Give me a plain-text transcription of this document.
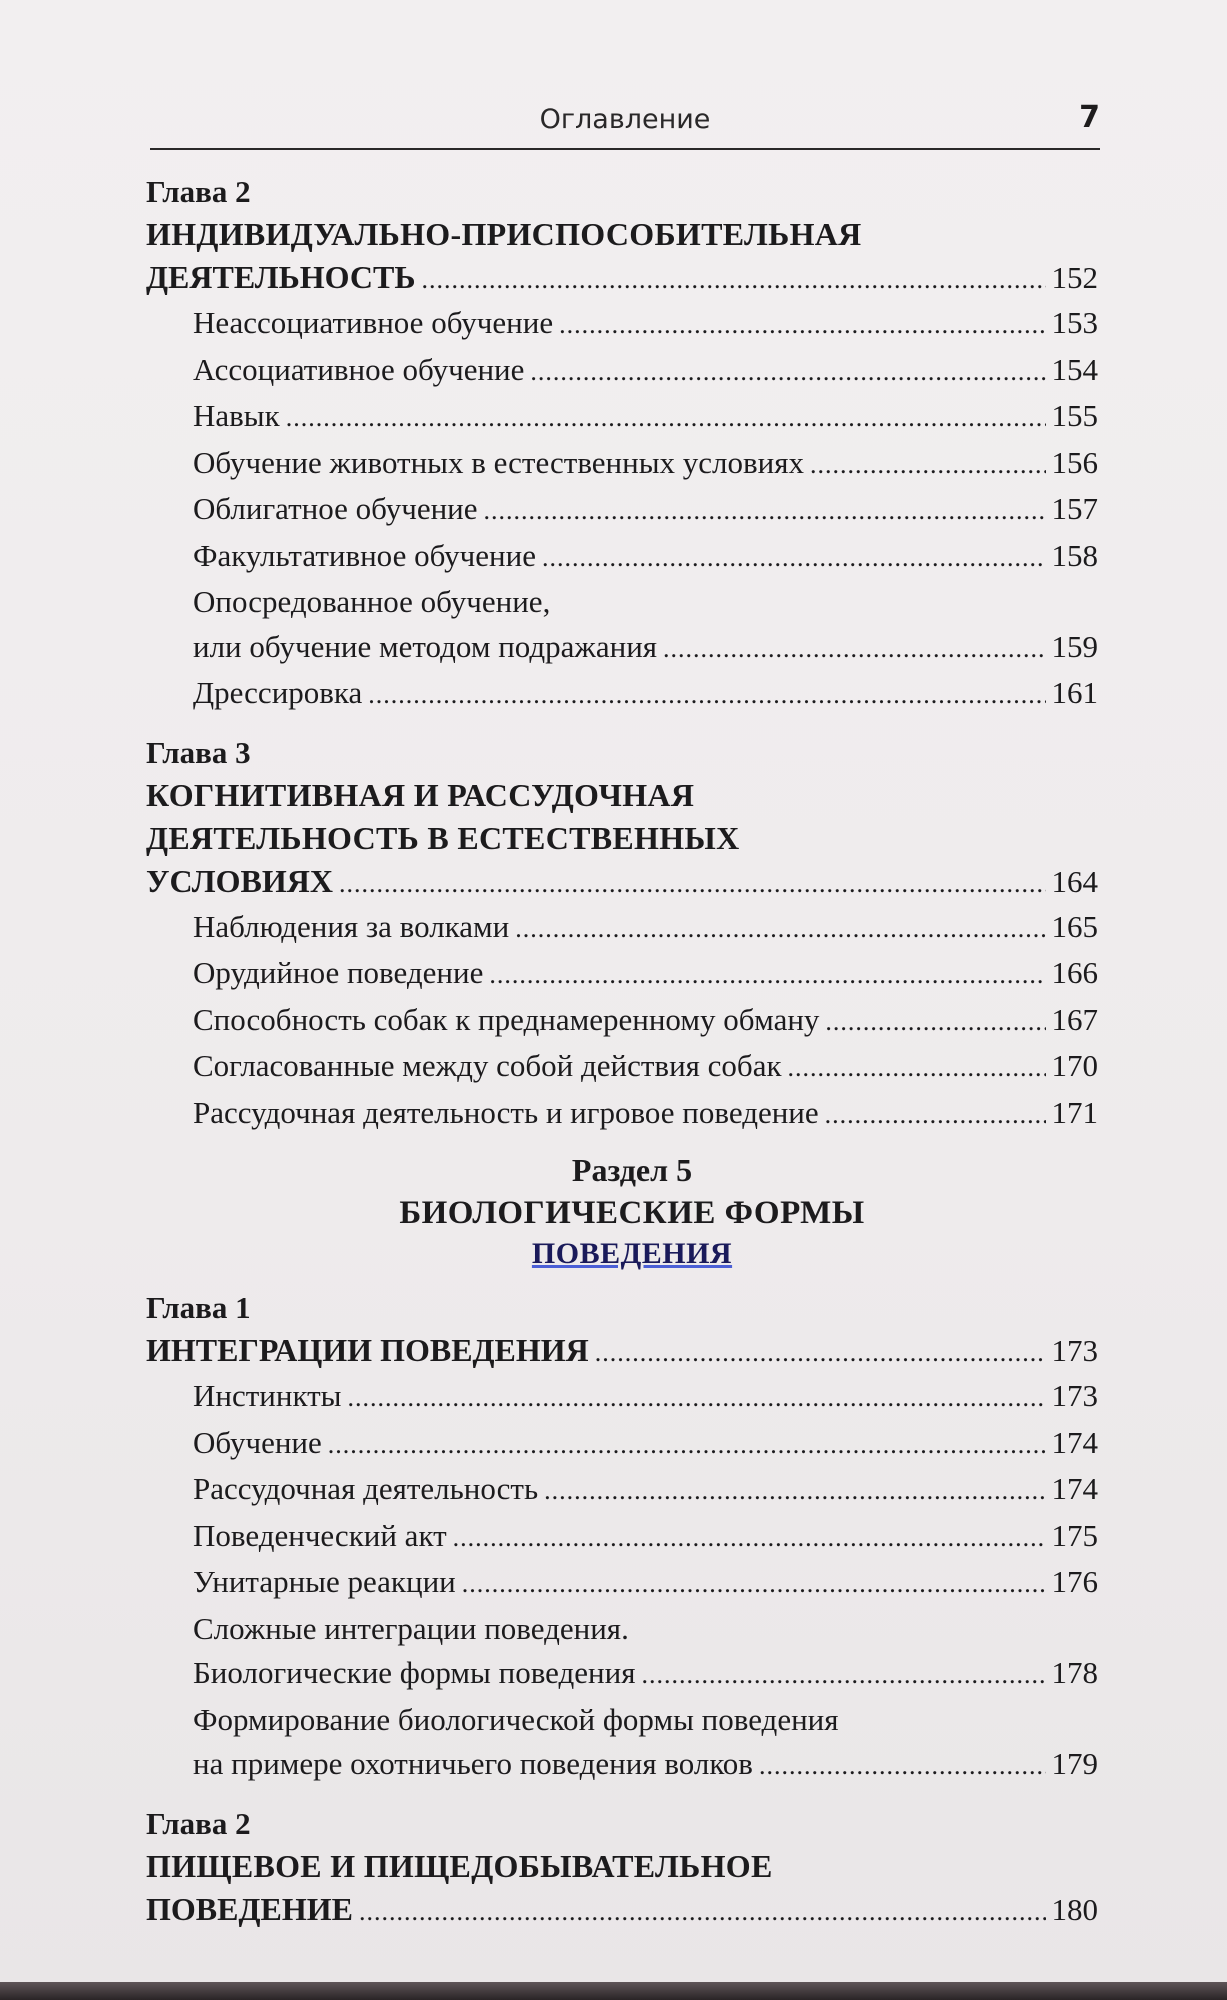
Оглавление	7
Глава 2
ИНДИВИДУАЛЬНО-ПРИСПОСОБИТЕЛЬНАЯ
ДЕЯТЕЛЬНОСТЬ .....	152
Неассоциативное обучение .....	153
Ассоциативное обучение .....	154
Навык .....	155
Обучение животных в естественных условиях .....	156
Облигатное обучение .....	157
Факультативное обучение .....	158
Опосредованное обучение,
или обучение методом подражания .....	159
Дрессировка .....	161
Глава 3
КОГНИТИВНАЯ И РАССУДОЧНАЯ
ДЕЯТЕЛЬНОСТЬ В ЕСТЕСТВЕННЫХ
УСЛОВИЯХ .....	164
Наблюдения за волками .....	165
Орудийное поведение .....	166
Способность собак к преднамеренному обману .....	167
Согласованные между собой действия собак .....	170
Рассудочная деятельность и игровое поведение .....	171
Раздел 5
БИОЛОГИЧЕСКИЕ ФОРМЫ
ПОВЕДЕНИЯ
Глава 1
ИНТЕГРАЦИИ ПОВЕДЕНИЯ .....	173
Инстинкты .....	173
Обучение .....	174
Рассудочная деятельность .....	174
Поведенческий акт .....	175
Унитарные реакции .....	176
Сложные интеграции поведения.
Биологические формы поведения .....	178
Формирование биологической формы поведения
на примере охотничьего поведения волков .....	179
Глава 2
ПИЩЕВОЕ И ПИЩЕДОБЫВАТЕЛЬНОЕ
ПОВЕДЕНИЕ .....	180
